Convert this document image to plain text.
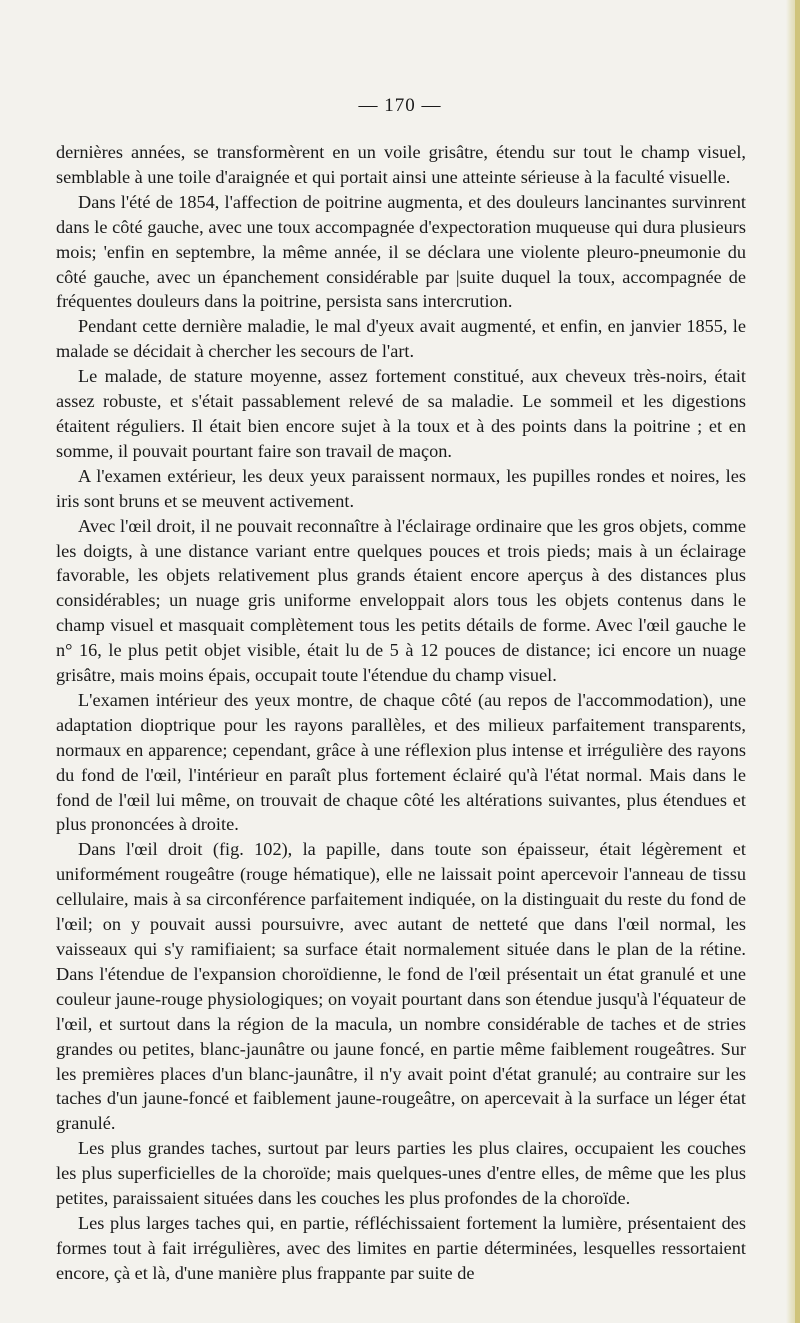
— 170 —

dernières années, se transformèrent en un voile grisâtre, étendu sur tout le champ visuel, semblable à une toile d'araignée et qui portait ainsi une atteinte sérieuse à la faculté visuelle.

Dans l'été de 1854, l'affection de poitrine augmenta, et des douleurs lancinantes survinrent dans le côté gauche, avec une toux accompagnée d'expectoration muqueuse qui dura plusieurs mois; 'enfin en septembre, la même année, il se déclara une violente pleuro-pneumonie du côté gauche, avec un épanchement considérable par |suite duquel la toux, accompagnée de fréquentes douleurs dans la poitrine, persista sans intercrution.

Pendant cette dernière maladie, le mal d'yeux avait augmenté, et enfin, en janvier 1855, le malade se décidait à chercher les secours de l'art.

Le malade, de stature moyenne, assez fortement constitué, aux cheveux très-noirs, était assez robuste, et s'était passablement relevé de sa maladie. Le sommeil et les digestions étaitent réguliers. Il était bien encore sujet à la toux et à des points dans la poitrine ; et en somme, il pouvait pourtant faire son travail de maçon.

A l'examen extérieur, les deux yeux paraissent normaux, les pupilles rondes et noires, les iris sont bruns et se meuvent activement.

Avec l'œil droit, il ne pouvait reconnaître à l'éclairage ordinaire que les gros objets, comme les doigts, à une distance variant entre quelques pouces et trois pieds; mais à un éclairage favorable, les objets relativement plus grands étaient encore aperçus à des distances plus considérables; un nuage gris uniforme enveloppait alors tous les objets contenus dans le champ visuel et masquait complètement tous les petits détails de forme. Avec l'œil gauche le n° 16, le plus petit objet visible, était lu de 5 à 12 pouces de distance; ici encore un nuage grisâtre, mais moins épais, occupait toute l'étendue du champ visuel.

L'examen intérieur des yeux montre, de chaque côté (au repos de l'accommodation), une adaptation dioptrique pour les rayons parallèles, et des milieux parfaitement transparents, normaux en apparence; cependant, grâce à une réflexion plus intense et irrégulière des rayons du fond de l'œil, l'intérieur en paraît plus fortement éclairé qu'à l'état normal. Mais dans le fond de l'œil lui même, on trouvait de chaque côté les altérations suivantes, plus étendues et plus prononcées à droite.

Dans l'œil droit (fig. 102), la papille, dans toute son épaisseur, était légèrement et uniformément rougeâtre (rouge hématique), elle ne laissait point apercevoir l'anneau de tissu cellulaire, mais à sa circonférence parfaitement indiquée, on la distinguait du reste du fond de l'œil; on y pouvait aussi poursuivre, avec autant de netteté que dans l'œil normal, les vaisseaux qui s'y ramifiaient; sa surface était normalement située dans le plan de la rétine. Dans l'étendue de l'expansion choroïdienne, le fond de l'œil présentait un état granulé et une couleur jaune-rouge physiologiques; on voyait pourtant dans son étendue jusqu'à l'équateur de l'œil, et surtout dans la région de la macula, un nombre considérable de taches et de stries grandes ou petites, blanc-jaunâtre ou jaune foncé, en partie même faiblement rougeâtres. Sur les premières places d'un blanc-jaunâtre, il n'y avait point d'état granulé; au contraire sur les taches d'un jaune-foncé et faiblement jaune-rougeâtre, on apercevait à la surface un léger état granulé.

Les plus grandes taches, surtout par leurs parties les plus claires, occupaient les couches les plus superficielles de la choroïde; mais quelques-unes d'entre elles, de même que les plus petites, paraissaient situées dans les couches les plus profondes de la choroïde.

Les plus larges taches qui, en partie, réfléchissaient fortement la lumière, présentaient des formes tout à fait irrégulières, avec des limites en partie déterminées, lesquelles ressortaient encore, çà et là, d'une manière plus frappante par suite de
